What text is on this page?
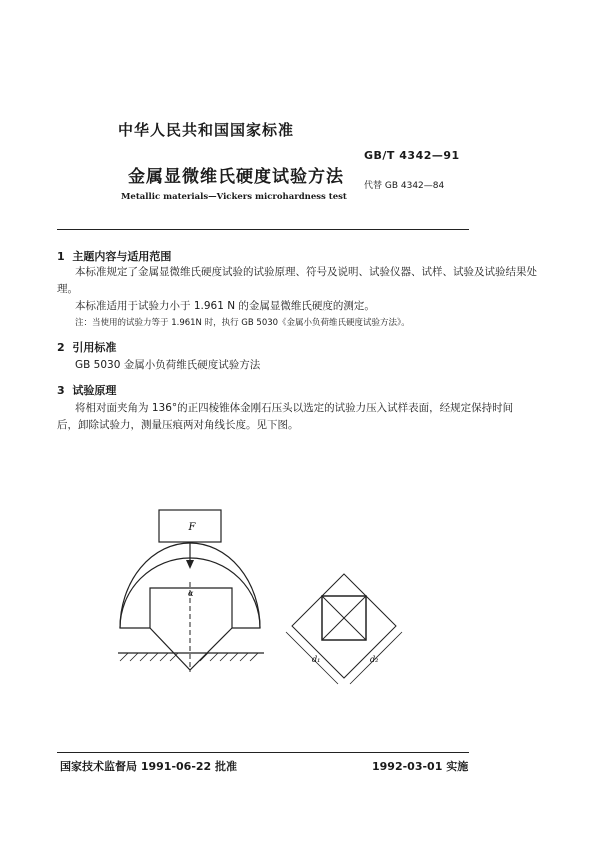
中华人民共和国国家标准
GB/T 4342—91
金属显微维氏硬度试验方法 代替 GB 4342—84
Metallic materials—Vickers microhardness test
1 主题内容与适用范围
本标准规定了金属显微维氏硬度试验的试验原理、符号及说明、试验仪器、试样、试验及试验结果处
理。
本标准适用于试验力小于 1.961 N 的金属显微维氏硬度的测定。
注：当使用的试验力等于 1.961N 时，执行 GB 5030《金属小负荷维氏硬度试验方法》。
2 引用标准
GB 5030 金属小负荷维氏硬度试验方法
3 试验原理
将相对面夹角为 136°的正四棱锥体金刚石压头以选定的试验力压入试样表面，经规定保持时间
后，卸除试验力，测量压痕两对角线长度。见下图。
F
α
d₁	d₂
国家技术监督局 1991-06-22 批准	1992-03-01 实施
